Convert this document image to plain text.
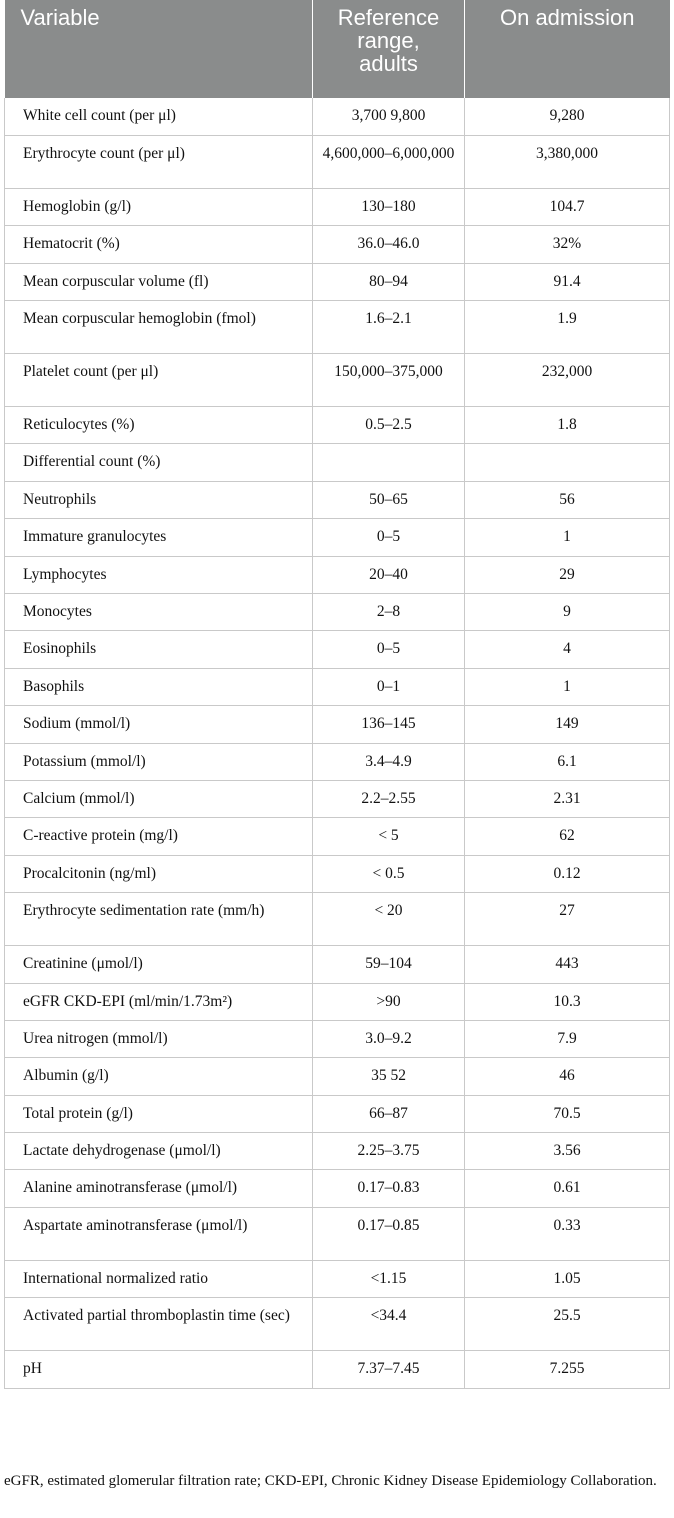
Variable	Reference range, adults	On admission
White cell count (per μl)	3,700 9,800	9,280
Erythrocyte count (per μl)	4,600,000–6,000,000	3,380,000
Hemoglobin (g/l)	130–180	104.7
Hematocrit (%)	36.0–46.0	32%
Mean corpuscular volume (fl)	80–94	91.4
Mean corpuscular hemoglobin (fmol)	1.6–2.1	1.9
Platelet count (per μl)	150,000–375,000	232,000
Reticulocytes (%)	0.5–2.5	1.8
Differential count (%)		
Neutrophils	50–65	56
Immature granulocytes	0–5	1
Lymphocytes	20–40	29
Monocytes	2–8	9
Eosinophils	0–5	4
Basophils	0–1	1
Sodium (mmol/l)	136–145	149
Potassium (mmol/l)	3.4–4.9	6.1
Calcium (mmol/l)	2.2–2.55	2.31
C-reactive protein (mg/l)	< 5	62
Procalcitonin (ng/ml)	< 0.5	0.12
Erythrocyte sedimentation rate (mm/h)	< 20	27
Creatinine (μmol/l)	59–104	443
eGFR CKD-EPI (ml/min/1.73m²)	>90	10.3
Urea nitrogen (mmol/l)	3.0–9.2	7.9
Albumin (g/l)	35 52	46
Total protein (g/l)	66–87	70.5
Lactate dehydrogenase (μmol/l)	2.25–3.75	3.56
Alanine aminotransferase (μmol/l)	0.17–0.83	0.61
Aspartate aminotransferase (μmol/l)	0.17–0.85	0.33
International normalized ratio	<1.15	1.05
Activated partial thromboplastin time (sec)	<34.4	25.5
pH	7.37–7.45	7.255
eGFR, estimated glomerular filtration rate; CKD-EPI, Chronic Kidney Disease Epidemiology Collaboration.
